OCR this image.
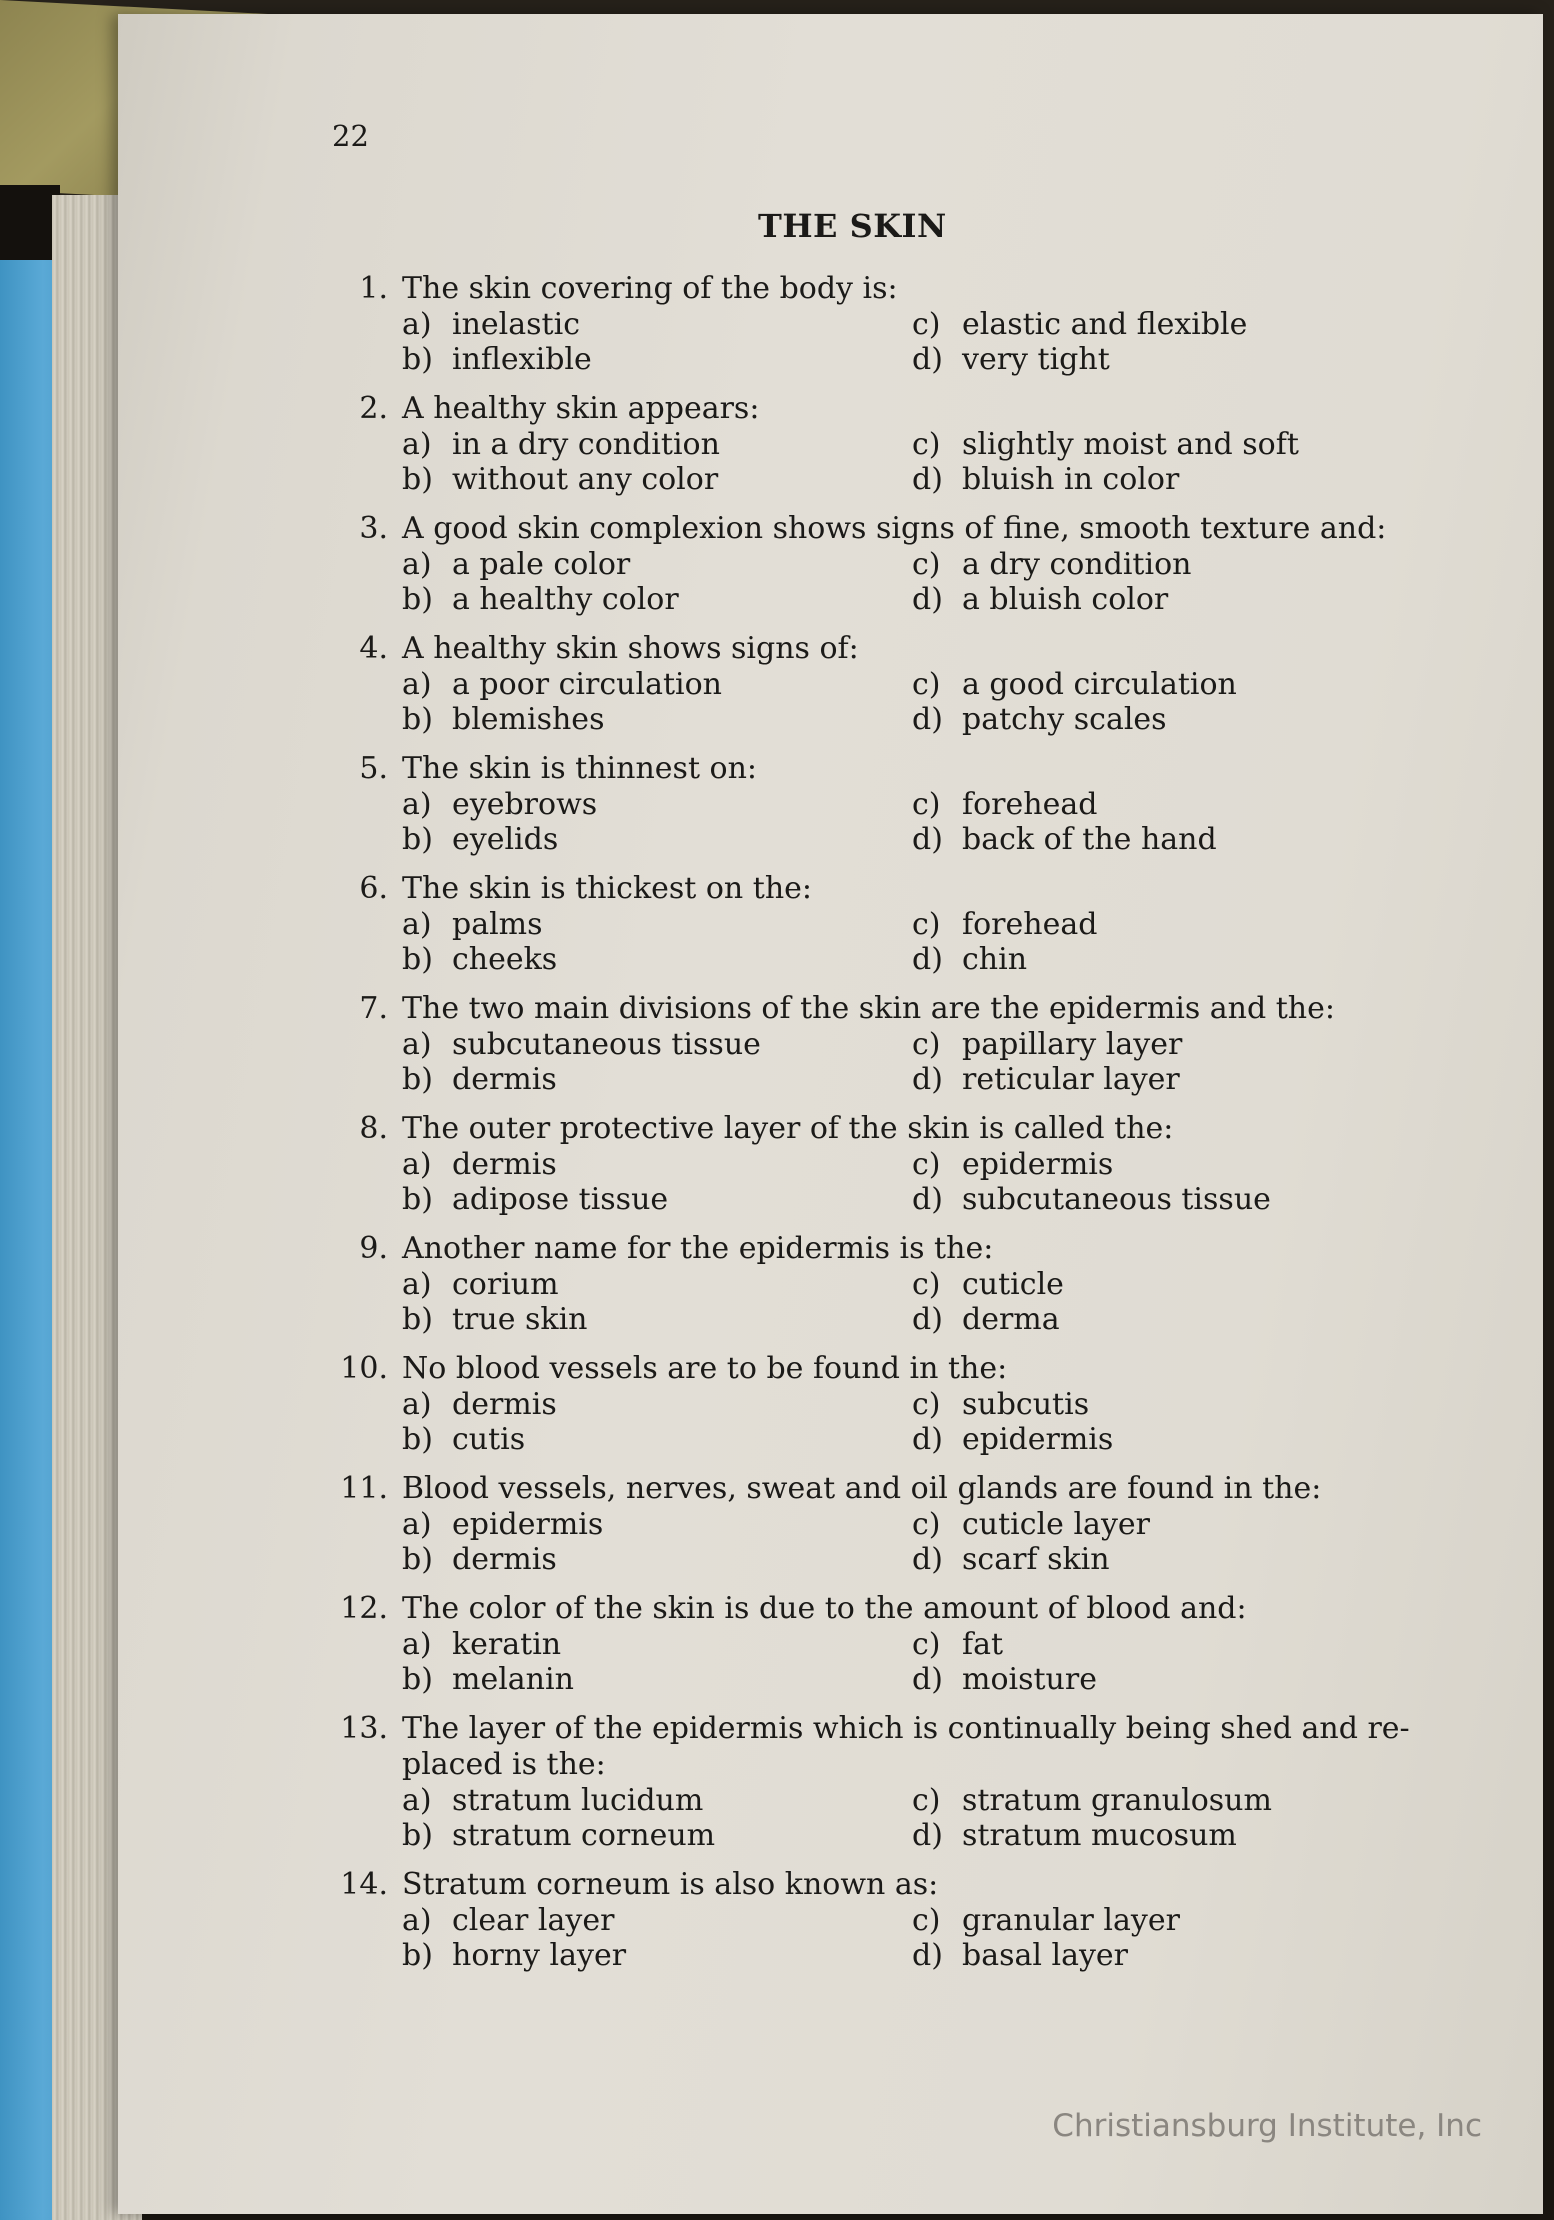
22
THE SKIN
1. The skin covering of the body is:
a) inelastic	c) elastic and flexible
b) inflexible	d) very tight
2. A healthy skin appears:
a) in a dry condition	c) slightly moist and soft
b) without any color	d) bluish in color
3. A good skin complexion shows signs of fine, smooth texture and:
a) a pale color	c) a dry condition
b) a healthy color	d) a bluish color
4. A healthy skin shows signs of:
a) a poor circulation	c) a good circulation
b) blemishes	d) patchy scales
5. The skin is thinnest on:
a) eyebrows	c) forehead
b) eyelids	d) back of the hand
6. The skin is thickest on the:
a) palms	c) forehead
b) cheeks	d) chin
7. The two main divisions of the skin are the epidermis and the:
a) subcutaneous tissue	c) papillary layer
b) dermis	d) reticular layer
8. The outer protective layer of the skin is called the:
a) dermis	c) epidermis
b) adipose tissue	d) subcutaneous tissue
9. Another name for the epidermis is the:
a) corium	c) cuticle
b) true skin	d) derma
10. No blood vessels are to be found in the:
a) dermis	c) subcutis
b) cutis	d) epidermis
11. Blood vessels, nerves, sweat and oil glands are found in the:
a) epidermis	c) cuticle layer
b) dermis	d) scarf skin
12. The color of the skin is due to the amount of blood and:
a) keratin	c) fat
b) melanin	d) moisture
13. The layer of the epidermis which is continually being shed and re- placed is the:
a) stratum lucidum	c) stratum granulosum
b) stratum corneum	d) stratum mucosum
14. Stratum corneum is also known as:
a) clear layer	c) granular layer
b) horny layer	d) basal layer
Christiansburg Institute, Inc
